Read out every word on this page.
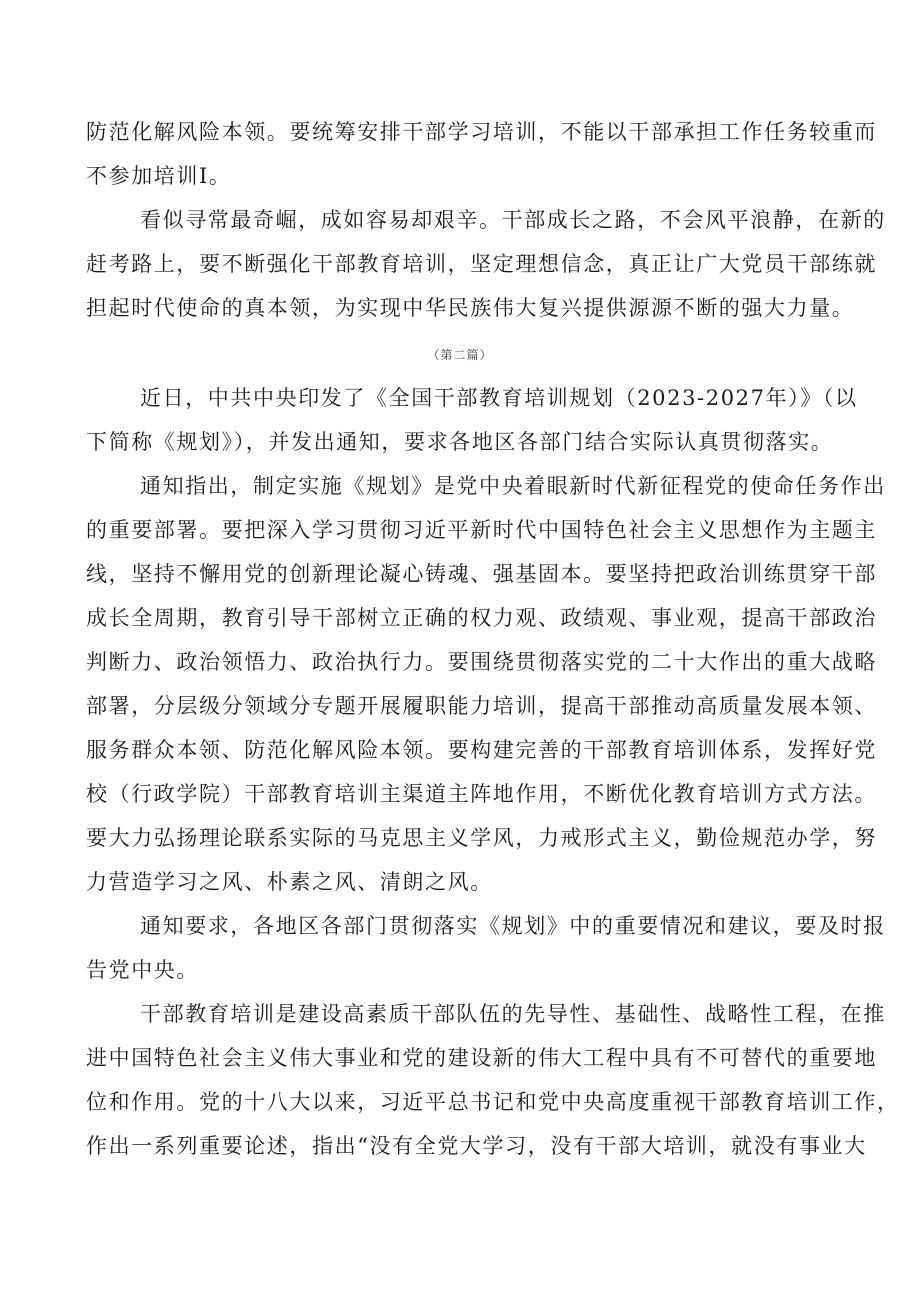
防范化解风险本领。要统筹安排干部学习培训，不能以干部承担工作任务较重而
不参加培训I。
看似寻常最奇崛，成如容易却艰辛。干部成长之路，不会风平浪静，在新的
赶考路上，要不断强化干部教育培训，坚定理想信念，真正让广大党员干部练就
担起时代使命的真本领，为实现中华民族伟大复兴提供源源不断的强大力量。
（第二篇）
近日，中共中央印发了《全国干部教育培训规划（2023-2027年）》（以
下简称《规划》），并发出通知，要求各地区各部门结合实际认真贯彻落实。
通知指出，制定实施《规划》是党中央着眼新时代新征程党的使命任务作出
的重要部署。要把深入学习贯彻习近平新时代中国特色社会主义思想作为主题主
线，坚持不懈用党的创新理论凝心铸魂、强基固本。要坚持把政治训练贯穿干部
成长全周期，教育引导干部树立正确的权力观、政绩观、事业观，提高干部政治
判断力、政治领悟力、政治执行力。要围绕贯彻落实党的二十大作出的重大战略
部署，分层级分领域分专题开展履职能力培训，提高干部推动高质量发展本领、
服务群众本领、防范化解风险本领。要构建完善的干部教育培训体系，发挥好党
校（行政学院）干部教育培训主渠道主阵地作用，不断优化教育培训方式方法。
要大力弘扬理论联系实际的马克思主义学风，力戒形式主义，勤俭规范办学，努
力营造学习之风、朴素之风、清朗之风。
通知要求，各地区各部门贯彻落实《规划》中的重要情况和建议，要及时报
告党中央。
干部教育培训是建设高素质干部队伍的先导性、基础性、战略性工程，在推
进中国特色社会主义伟大事业和党的建设新的伟大工程中具有不可替代的重要地
位和作用。党的十八大以来，习近平总书记和党中央高度重视干部教育培训工作，
作出一系列重要论述，指出“没有全党大学习，没有干部大培训，就没有事业大
